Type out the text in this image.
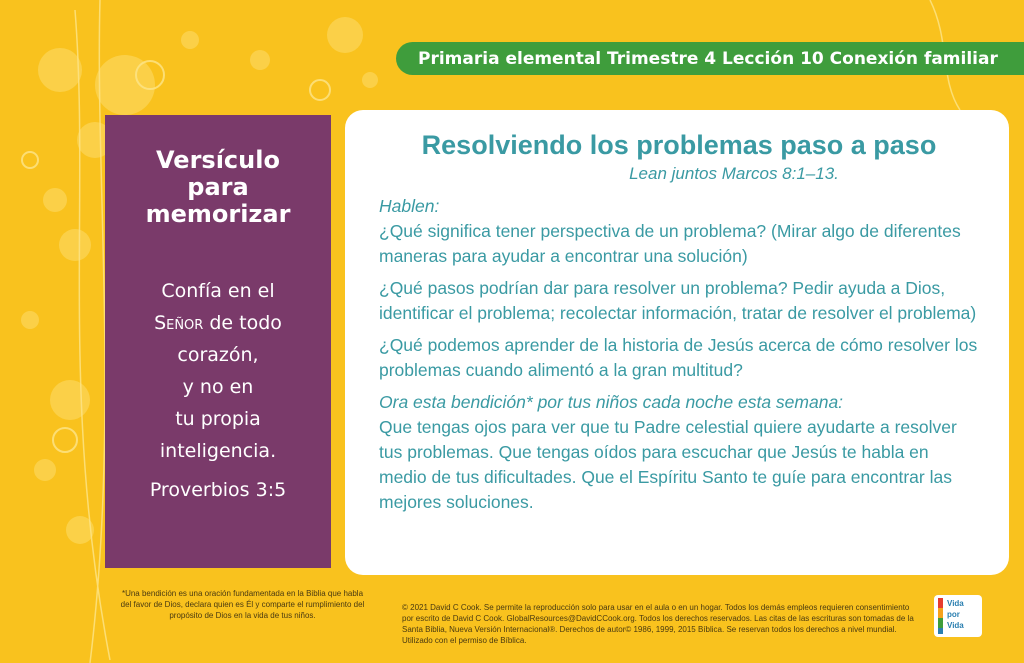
Primaria elemental Trimestre 4 Lección 10 Conexión familiar
Versículo
para
memorizar
Confía en el
Señor de todo
corazón,
y no en
tu propia
inteligencia.
Proverbios 3:5
Resolviendo los problemas paso a paso
Lean juntos Marcos 8:1–13.
Hablen:
¿Qué significa tener perspectiva de un problema? (Mirar algo de diferentes maneras para ayudar a encontrar una solución)
¿Qué pasos podrían dar para resolver un problema? Pedir ayuda a Dios, identificar el problema; recolectar información, tratar de resolver el problema)
¿Qué podemos aprender de la historia de Jesús acerca de cómo resolver los problemas cuando alimentó a la gran multitud?
Ora esta bendición* por tus niños cada noche esta semana:
Que tengas ojos para ver que tu Padre celestial quiere ayudarte a resolver tus problemas. Que tengas oídos para escuchar que Jesús te habla en medio de tus dificultades. Que el Espíritu Santo te guíe para encontrar las mejores soluciones.
*Una bendición es una oración fundamentada en la Biblia que habla del favor de Dios, declara quien es Él y comparte el rumplimiento del propósito de Dios en la vida de tus niños.
© 2021 David C Cook. Se permite la reproducción solo para usar en el aula o en un hogar. Todos los demás empleos requieren consentimiento por escrito de David C Cook. GlobalResources@DavidCCook.org. Todos los derechos reservados. Las citas de las escrituras son tomadas de la Santa Biblia, Nueva Versión Internacional®. Derechos de autor© 1986, 1999, 2015 Bíblica. Se reservan todos los derechos a nivel mundial. Utilizado con el permiso de Bíblica.
Vida
por
Vida
